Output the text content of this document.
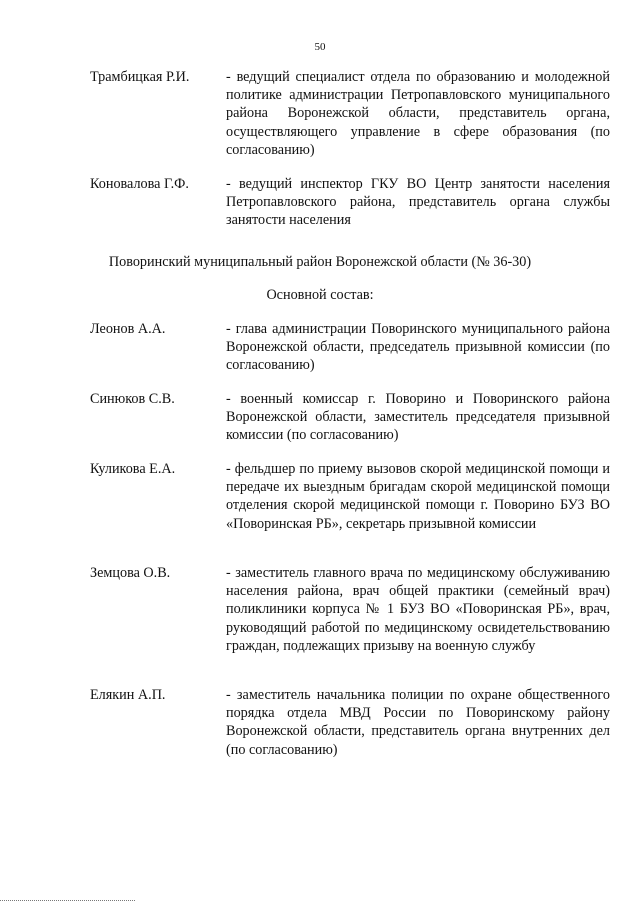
50
Трамбицкая Р.И.	- ведущий специалист отдела по образованию и молодежной политике администрации Петропавловского муниципального района Воронежской области, представитель органа, осуществляющего управление в сфере образования (по согласованию)
Коновалова Г.Ф.	- ведущий инспектор ГКУ ВО Центр занятости населения Петропавловского района, представитель органа службы занятости населения
Поворинский муниципальный район Воронежской области (№ 36-30)
Основной состав:
Леонов А.А.	- глава администрации Поворинского муниципального района Воронежской области, председатель призывной комиссии (по согласованию)
Синюков С.В.	- военный комиссар г. Поворино и Поворинского района Воронежской области, заместитель председателя призывной комиссии (по согласованию)
Куликова Е.А.	- фельдшер по приему вызовов скорой медицинской помощи и передаче их выездным бригадам скорой медицинской помощи отделения скорой медицинской помощи г. Поворино БУЗ ВО «Поворинская РБ», секретарь призывной комиссии
Земцова О.В.	- заместитель главного врача по медицинскому обслуживанию населения района, врач общей практики (семейный врач) поликлиники корпуса № 1 БУЗ ВО «Поворинская РБ», врач, руководящий работой по медицинскому освидетельствованию граждан, подлежащих призыву на военную службу
Елякин А.П.	- заместитель начальника полиции по охране общественного порядка отдела МВД России по Поворинскому району Воронежской области, представитель органа внутренних дел (по согласованию)
